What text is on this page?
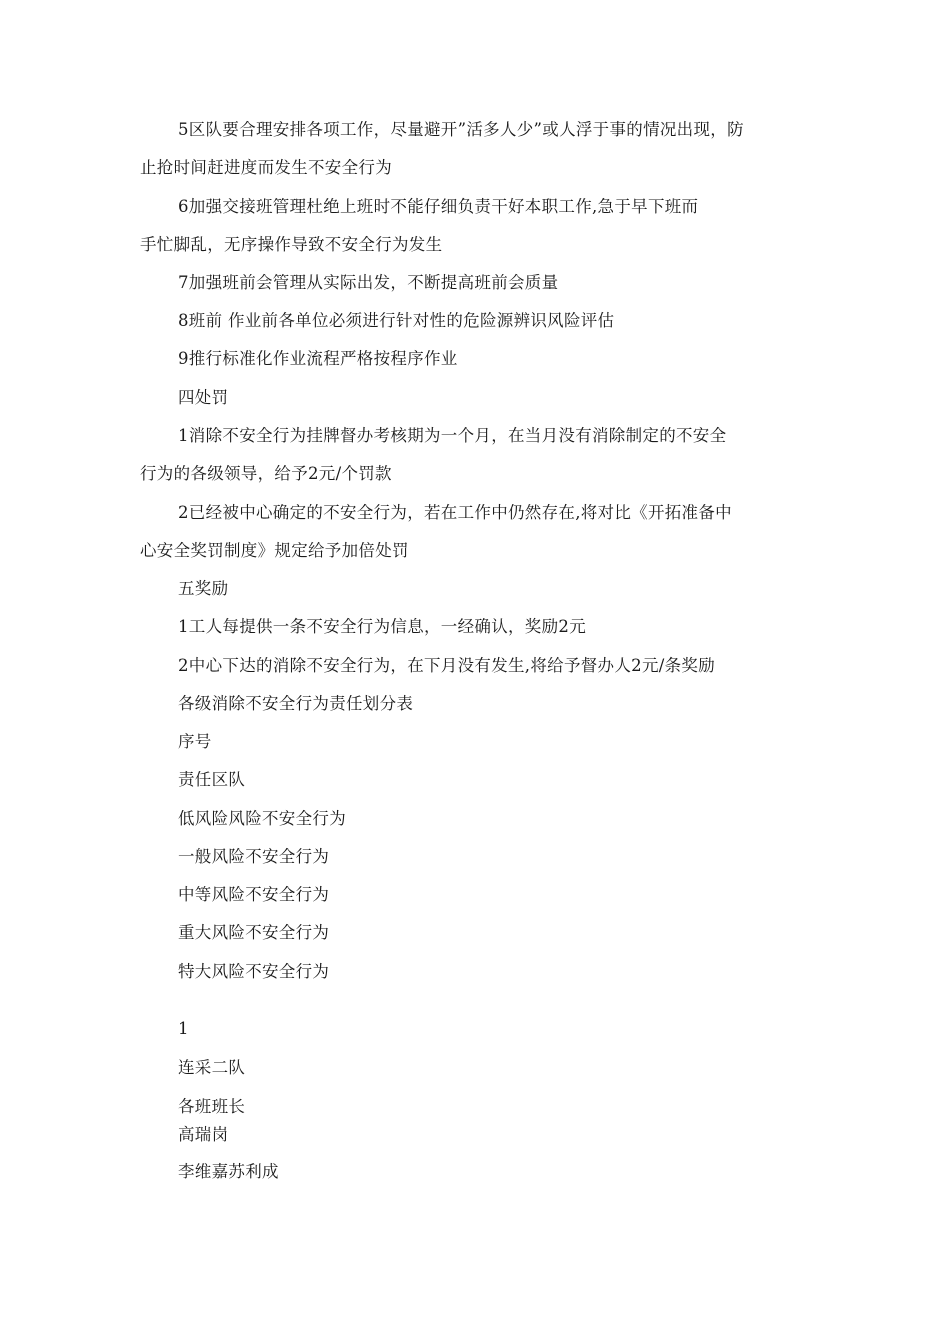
5区队要合理安排各项工作，尽量避开”活多人少”或人浮于事的情况出现，防
止抢时间赶进度而发生不安全行为
6加强交接班管理杜绝上班时不能仔细负责干好本职工作,急于早下班而
手忙脚乱，无序操作导致不安全行为发生
7加强班前会管理从实际出发，不断提高班前会质量
8班前 作业前各单位必须进行针对性的危险源辨识风险评估
9推行标准化作业流程严格按程序作业
四处罚
1消除不安全行为挂牌督办考核期为一个月，在当月没有消除制定的不安全
行为的各级领导，给予2元/个罚款
2已经被中心确定的不安全行为，若在工作中仍然存在,将对比《开拓准备中
心安全奖罚制度》规定给予加倍处罚
五奖励
1工人每提供一条不安全行为信息，一经确认，奖励2元
2中心下达的消除不安全行为，在下月没有发生,将给予督办人2元/条奖励
各级消除不安全行为责任划分表
序号
责任区队
低风险风险不安全行为
一般风险不安全行为
中等风险不安全行为
重大风险不安全行为
特大风险不安全行为
1
连采二队
各班班长
高瑞岗
李维嘉苏利成
